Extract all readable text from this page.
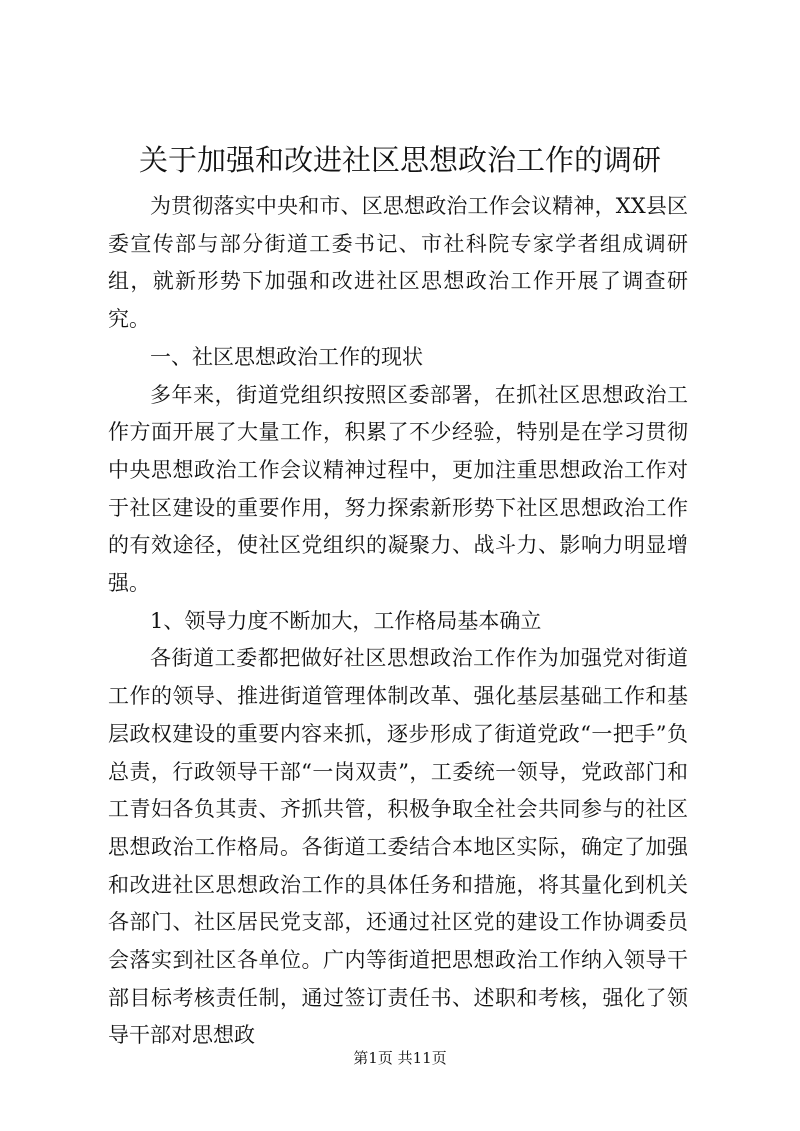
关于加强和改进社区思想政治工作的调研

为贯彻落实中央和市、区思想政治工作会议精神，XX县区委宣传部与部分街道工委书记、市社科院专家学者组成调研组，就新形势下加强和改进社区思想政治工作开展了调查研究。

一、社区思想政治工作的现状

多年来，街道党组织按照区委部署，在抓社区思想政治工作方面开展了大量工作，积累了不少经验，特别是在学习贯彻中央思想政治工作会议精神过程中，更加注重思想政治工作对于社区建设的重要作用，努力探索新形势下社区思想政治工作的有效途径，使社区党组织的凝聚力、战斗力、影响力明显增强。

1、领导力度不断加大，工作格局基本确立

各街道工委都把做好社区思想政治工作作为加强党对街道工作的领导、推进街道管理体制改革、强化基层基础工作和基层政权建设的重要内容来抓，逐步形成了街道党政“一把手”负总责，行政领导干部“一岗双责”，工委统一领导，党政部门和工青妇各负其责、齐抓共管，积极争取全社会共同参与的社区思想政治工作格局。各街道工委结合本地区实际，确定了加强和改进社区思想政治工作的具体任务和措施，将其量化到机关各部门、社区居民党支部，还通过社区党的建设工作协调委员会落实到社区各单位。广内等街道把思想政治工作纳入领导干部目标考核责任制，通过签订责任书、述职和考核，强化了领导干部对思想政

第1页 共11页
